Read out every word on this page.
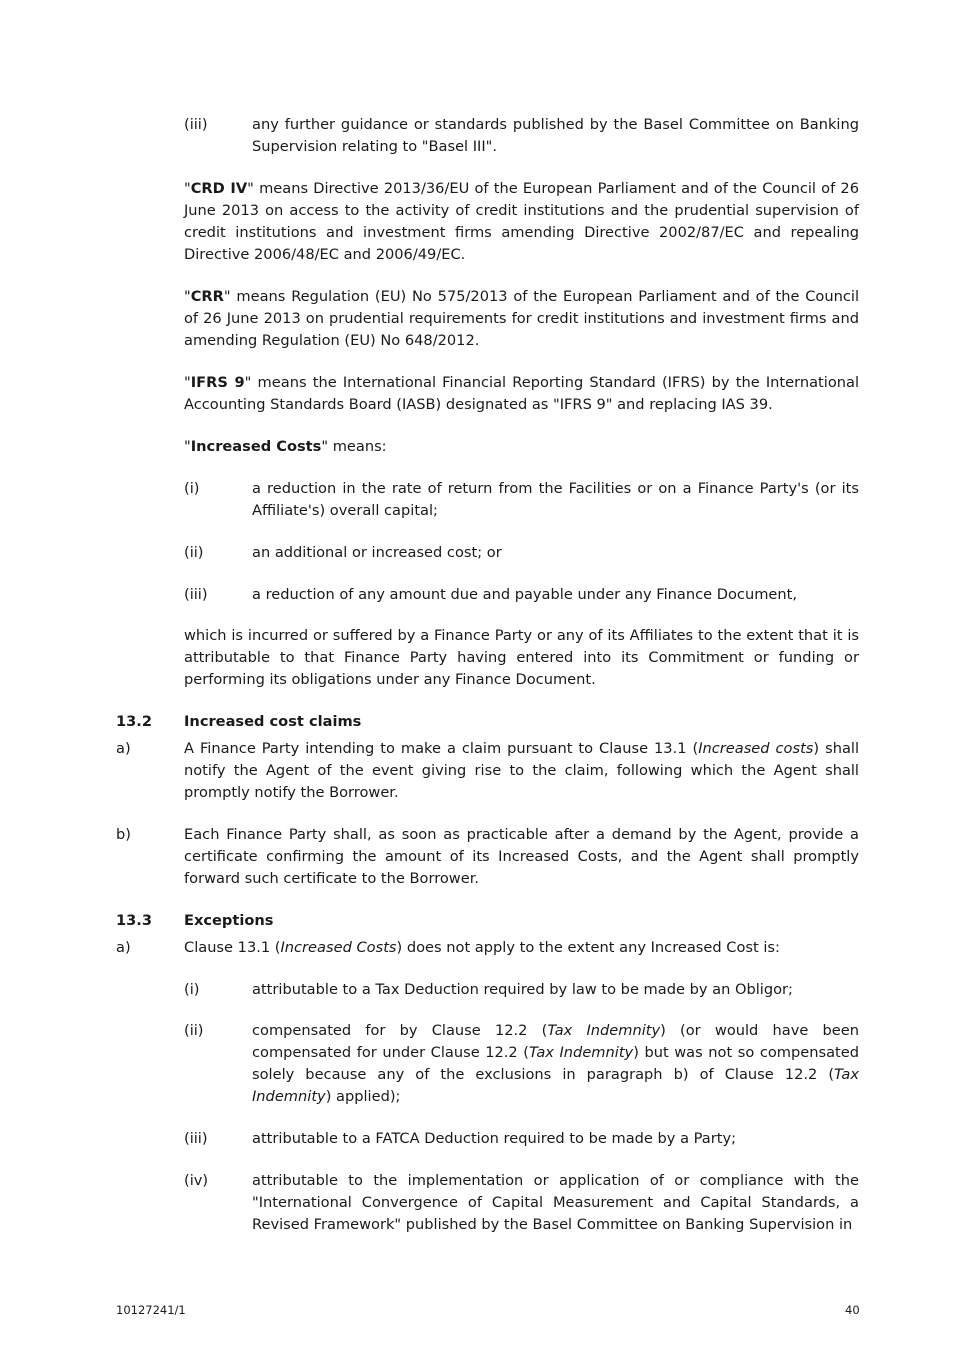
(iii)	any further guidance or standards published by the Basel Committee on Banking Supervision relating to "Basel III".

"CRD IV" means Directive 2013/36/EU of the European Parliament and of the Council of 26 June 2013 on access to the activity of credit institutions and the prudential supervision of credit institutions and investment firms amending Directive 2002/87/EC and repealing Directive 2006/48/EC and 2006/49/EC.

"CRR" means Regulation (EU) No 575/2013 of the European Parliament and of the Council of 26 June 2013 on prudential requirements for credit institutions and investment firms and amending Regulation (EU) No 648/2012.

"IFRS 9" means the International Financial Reporting Standard (IFRS) by the International Accounting Standards Board (IASB) designated as "IFRS 9" and replacing IAS 39.

"Increased Costs" means:

(i)	a reduction in the rate of return from the Facilities or on a Finance Party's (or its Affiliate's) overall capital;

(ii)	an additional or increased cost; or

(iii)	a reduction of any amount due and payable under any Finance Document,

which is incurred or suffered by a Finance Party or any of its Affiliates to the extent that it is attributable to that Finance Party having entered into its Commitment or funding or performing its obligations under any Finance Document.

13.2 Increased cost claims
a)	A Finance Party intending to make a claim pursuant to Clause 13.1 (Increased costs) shall notify the Agent of the event giving rise to the claim, following which the Agent shall promptly notify the Borrower.

b)	Each Finance Party shall, as soon as practicable after a demand by the Agent, provide a certificate confirming the amount of its Increased Costs, and the Agent shall promptly forward such certificate to the Borrower.

13.3 Exceptions
a)	Clause 13.1 (Increased Costs) does not apply to the extent any Increased Cost is:

(i)	attributable to a Tax Deduction required by law to be made by an Obligor;

(ii)	compensated for by Clause 12.2 (Tax Indemnity) (or would have been compensated for under Clause 12.2 (Tax Indemnity) but was not so compensated solely because any of the exclusions in paragraph b) of Clause 12.2 (Tax Indemnity) applied);

(iii)	attributable to a FATCA Deduction required to be made by a Party;

(iv)	attributable to the implementation or application of or compliance with the "International Convergence of Capital Measurement and Capital Standards, a Revised Framework" published by the Basel Committee on Banking Supervision in

10127241/1	40
